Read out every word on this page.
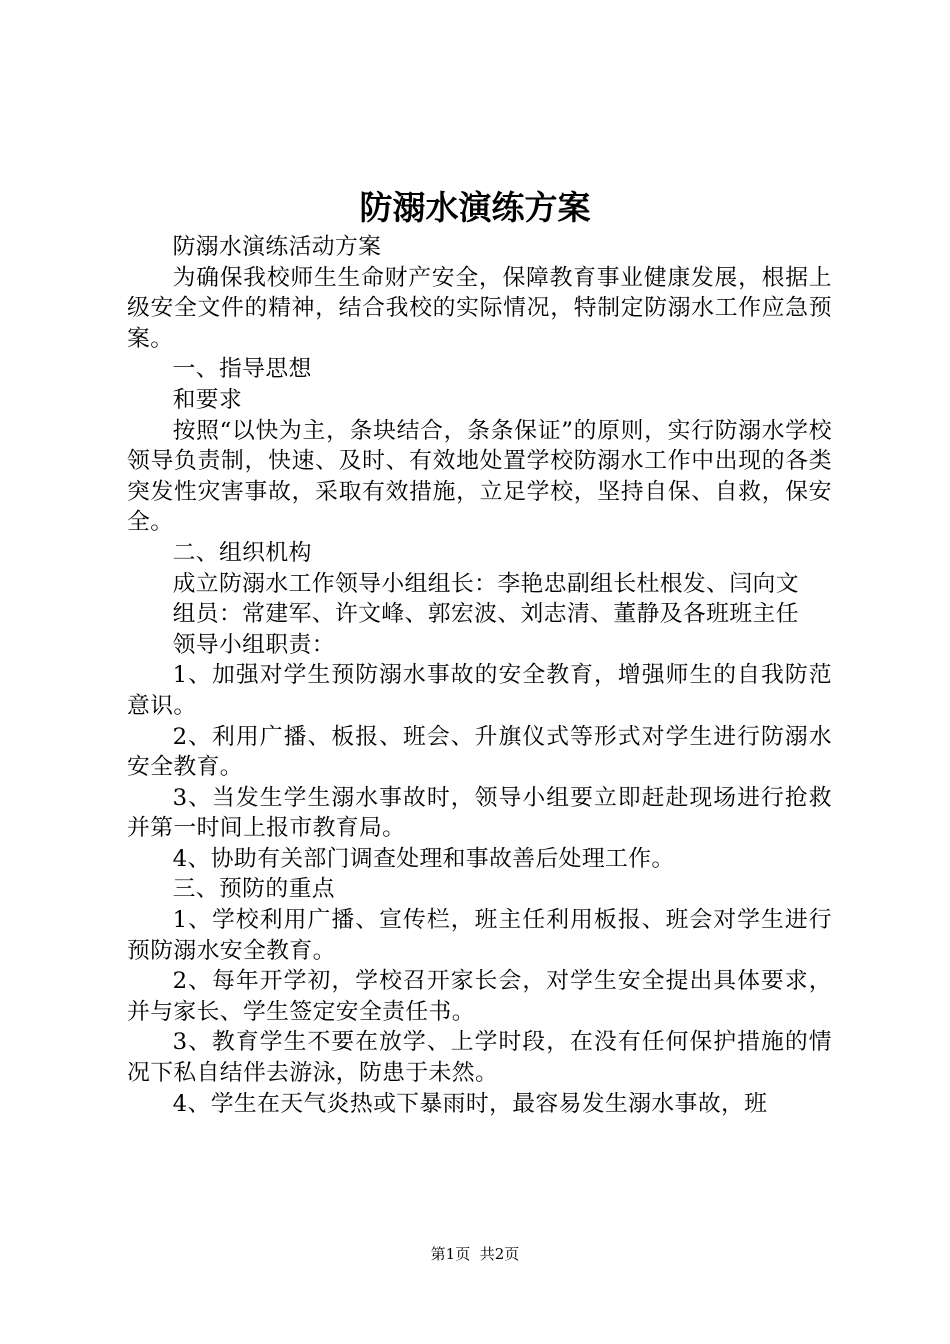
防溺水演练方案

防溺水演练活动方案

为确保我校师生生命财产安全，保障教育事业健康发展，根据上级安全文件的精神，结合我校的实际情况，特制定防溺水工作应急预案。

一、指导思想

和要求

按照“以快为主，条块结合，条条保证”的原则，实行防溺水学校领导负责制，快速、及时、有效地处置学校防溺水工作中出现的各类突发性灾害事故，采取有效措施，立足学校，坚持自保、自救，保安全。

二、组织机构

成立防溺水工作领导小组组长：李艳忠副组长杜根发、闫向文

组员：常建军、许文峰、郭宏波、刘志清、董静及各班班主任

领导小组职责：

1、加强对学生预防溺水事故的安全教育，增强师生的自我防范意识。

2、利用广播、板报、班会、升旗仪式等形式对学生进行防溺水安全教育。

3、当发生学生溺水事故时，领导小组要立即赶赴现场进行抢救并第一时间上报市教育局。

4、协助有关部门调查处理和事故善后处理工作。

三、预防的重点

1、学校利用广播、宣传栏，班主任利用板报、班会对学生进行预防溺水安全教育。

2、每年开学初，学校召开家长会，对学生安全提出具体要求，并与家长、学生签定安全责任书。

3、教育学生不要在放学、上学时段，在没有任何保护措施的情况下私自结伴去游泳，防患于未然。

4、学生在天气炎热或下暴雨时，最容易发生溺水事故，班

第1页 共2页
